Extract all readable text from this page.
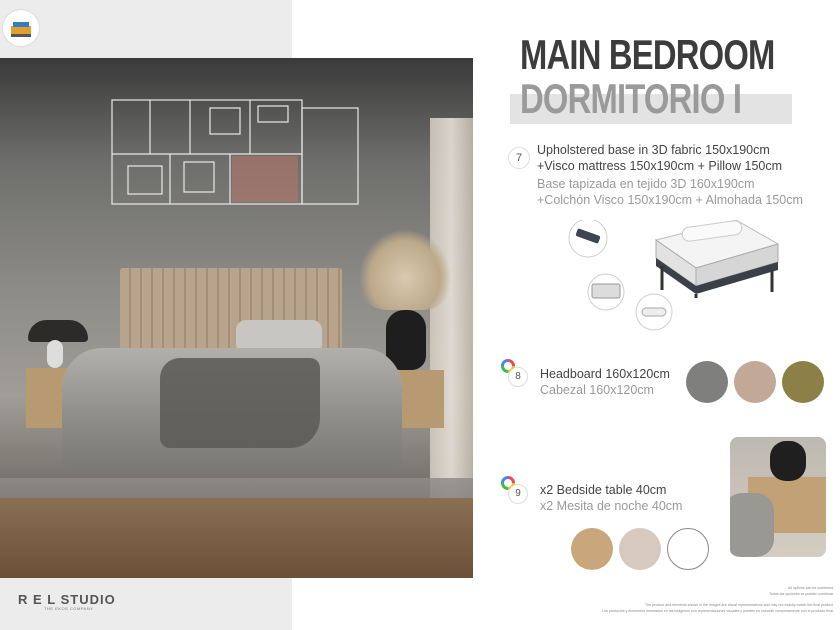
R E L STUDIO
THE EKOS COMPANY
MAIN BEDROOM
DORMITORIO I
7
Upholstered base in 3D fabric 150x190cm
+Visco mattress 150x190cm + Pillow 150cm
Base tapizada en tejido 3D 160x190cm
+Colchón Visco 150x190cm + Almohada 150cm
8	Headboard 160x120cm
Cabezal 160x120cm
9	x2 Bedside table 40cm
x2 Mesita de noche 40cm
All options can be combined.
Todas las opciones se pueden combinar.
The product and elements shown in the images are visual representations and may not exactly match the final product.
Los productos y elementos mostrados en las imágenes son representaciones visuales y pueden no coincidir completamente con el producto final.
